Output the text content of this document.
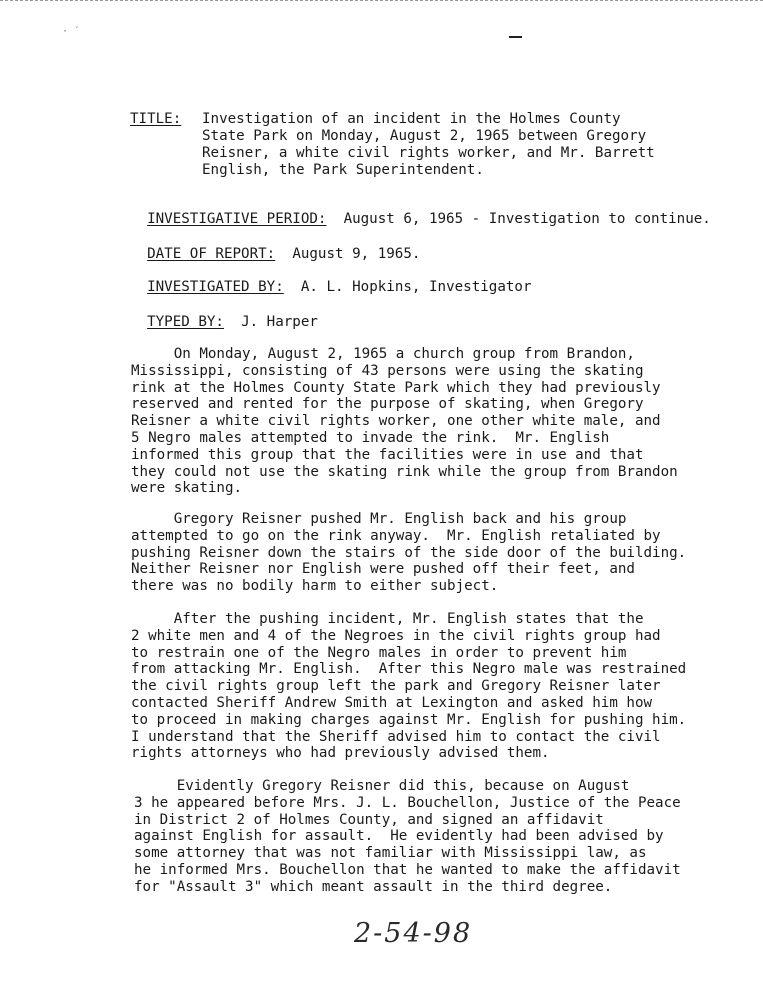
· ˊ
TITLE: Investigation of an incident in the Holmes County
State Park on Monday, August 2, 1965 between Gregory
Reisner, a white civil rights worker, and Mr. Barrett
English, the Park Superintendent.

INVESTIGATIVE PERIOD: August 6, 1965 - Investigation to continue.

DATE OF REPORT: August 9, 1965.

INVESTIGATED BY: A. L. Hopkins, Investigator

TYPED BY: J. Harper

On Monday, August 2, 1965 a church group from Brandon,
Mississippi, consisting of 43 persons were using the skating
rink at the Holmes County State Park which they had previously
reserved and rented for the purpose of skating, when Gregory
Reisner a white civil rights worker, one other white male, and
5 Negro males attempted to invade the rink.  Mr. English
informed this group that the facilities were in use and that
they could not use the skating rink while the group from Brandon
were skating.
Gregory Reisner pushed Mr. English back and his group
attempted to go on the rink anyway.  Mr. English retaliated by
pushing Reisner down the stairs of the side door of the building.
Neither Reisner nor English were pushed off their feet, and
there was no bodily harm to either subject.
After the pushing incident, Mr. English states that the
2 white men and 4 of the Negroes in the civil rights group had
to restrain one of the Negro males in order to prevent him
from attacking Mr. English.  After this Negro male was restrained
the civil rights group left the park and Gregory Reisner later
contacted Sheriff Andrew Smith at Lexington and asked him how
to proceed in making charges against Mr. English for pushing him.
I understand that the Sheriff advised him to contact the civil
rights attorneys who had previously advised them.
Evidently Gregory Reisner did this, because on August
3 he appeared before Mrs. J. L. Bouchellon, Justice of the Peace
in District 2 of Holmes County, and signed an affidavit
against English for assault.  He evidently had been advised by
some attorney that was not familiar with Mississippi law, as
he informed Mrs. Bouchellon that he wanted to make the affidavit
for "Assault 3" which meant assault in the third degree.
2-54-98
